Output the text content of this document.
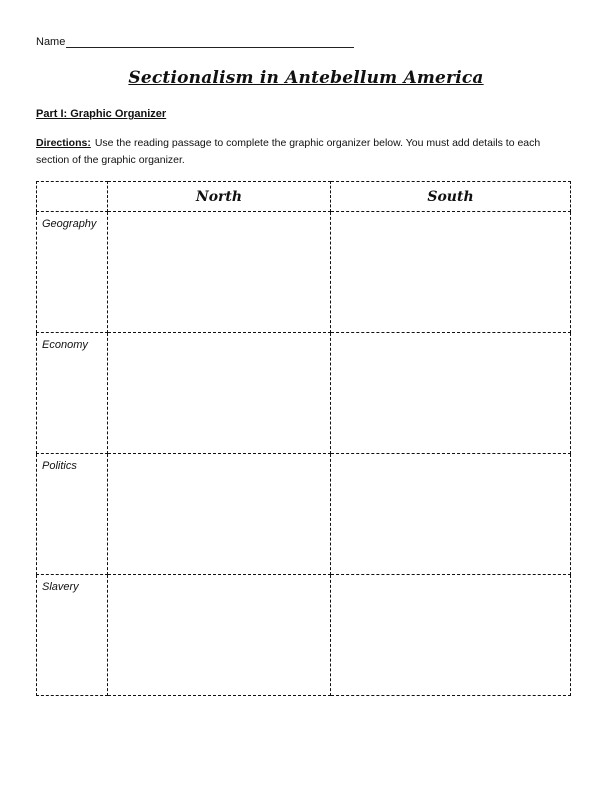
Name
Sectionalism in Antebellum America
Part I: Graphic Organizer
Directions: Use the reading passage to complete the graphic organizer below. You must add details to each section of the graphic organizer.
	North	South
Geography		
Economy		
Politics		
Slavery		
